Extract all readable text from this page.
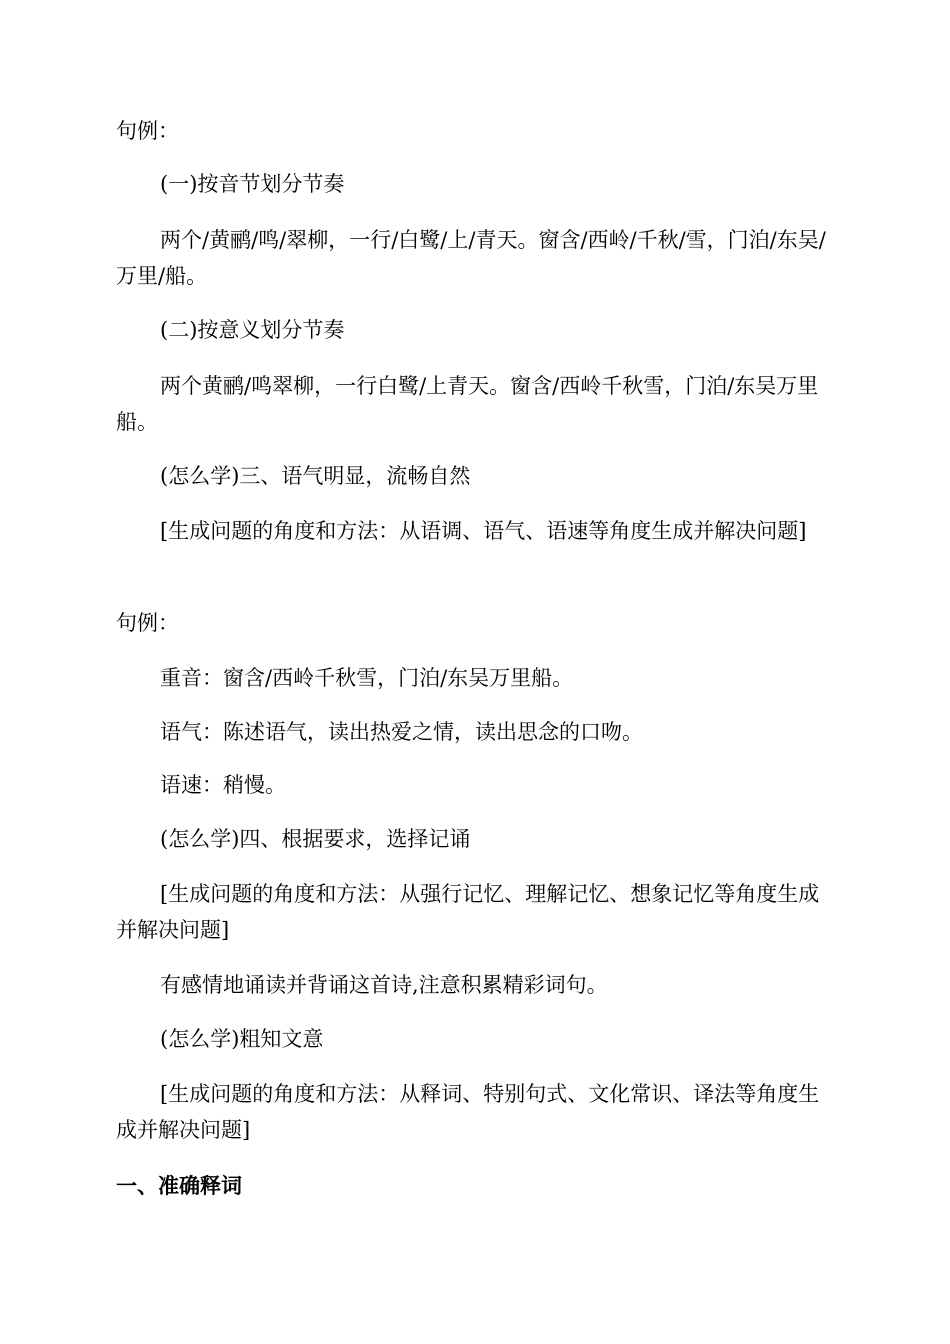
句例：
(一)按音节划分节奏
两个/黄鹂/鸣/翠柳，一行/白鹭/上/青天。窗含/西岭/千秋/雪，门泊/东吴/万里/船。
(二)按意义划分节奏
两个黄鹂/鸣翠柳，一行白鹭/上青天。窗含/西岭千秋雪，门泊/东吴万里船。
(怎么学)三、语气明显，流畅自然
[生成问题的角度和方法：从语调、语气、语速等角度生成并解决问题]
句例：
重音：窗含/西岭千秋雪，门泊/东吴万里船。
语气：陈述语气，读出热爱之情，读出思念的口吻。
语速：稍慢。
(怎么学)四、根据要求，选择记诵
[生成问题的角度和方法：从强行记忆、理解记忆、想象记忆等角度生成并解决问题]
有感情地诵读并背诵这首诗,注意积累精彩词句。
(怎么学)粗知文意
[生成问题的角度和方法：从释词、特别句式、文化常识、译法等角度生成并解决问题]
一、准确释词
